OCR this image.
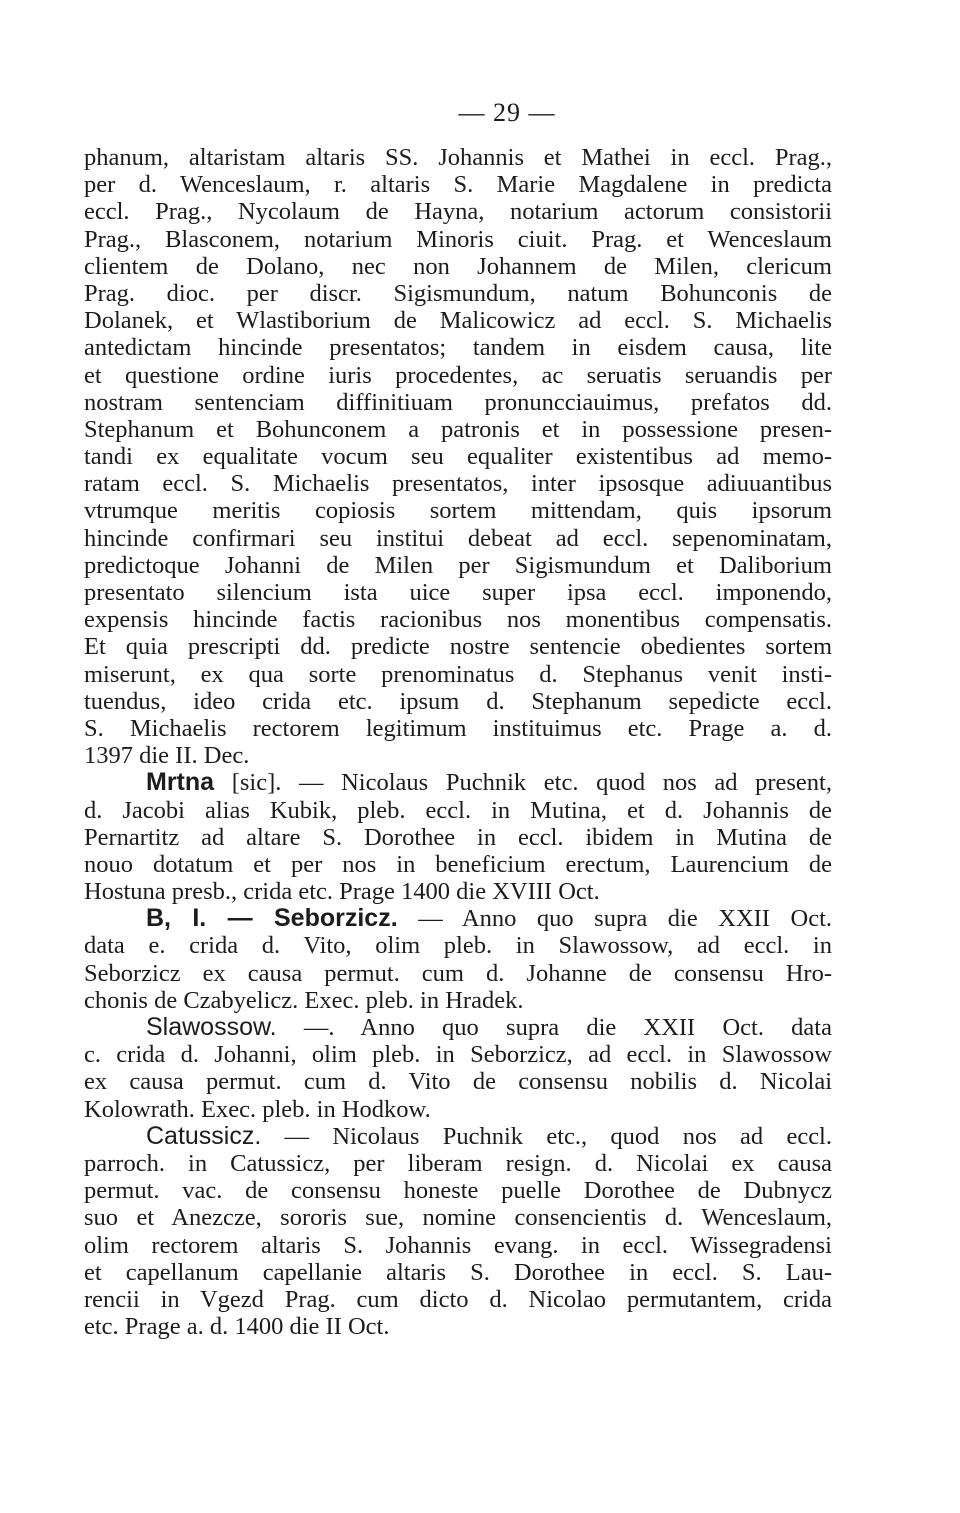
— 29 —
phanum, altaristam altaris SS. Johannis et Mathei in eccl. Prag.,
per d. Wenceslaum, r. altaris S. Marie Magdalene in predicta
eccl. Prag., Nycolaum de Hayna, notarium actorum consistorii
Prag., Blasconem, notarium Minoris ciuit. Prag. et Wenceslaum
clientem de Dolano, nec non Johannem de Milen, clericum
Prag. dioc. per discr. Sigismundum, natum Bohunconis de
Dolanek, et Wlastiborium de Malicowicz ad eccl. S. Michaelis
antedictam hincinde presentatos; tandem in eisdem causa, lite
et questione ordine iuris procedentes, ac seruatis seruandis per
nostram sentenciam diffinitiuam pronuncciauimus, prefatos dd.
Stephanum et Bohunconem a patronis et in possessione presen-
tandi ex equalitate vocum seu equaliter existentibus ad memo-
ratam eccl. S. Michaelis presentatos, inter ipsosque adiuuantibus
vtrumque meritis copiosis sortem mittendam, quis ipsorum
hincinde confirmari seu institui debeat ad eccl. sepenominatam,
predictoque Johanni de Milen per Sigismundum et Daliborium
presentato silencium ista uice super ipsa eccl. imponendo,
expensis hincinde factis racionibus nos monentibus compensatis.
Et quia prescripti dd. predicte nostre sentencie obedientes sortem
miserunt, ex qua sorte prenominatus d. Stephanus venit insti-
tuendus, ideo crida etc. ipsum d. Stephanum sepedicte eccl.
S. Michaelis rectorem legitimum instituimus etc. Prage a. d.
1397 die II. Dec.
Mrtna [sic]. — Nicolaus Puchnik etc. quod nos ad present,
d. Jacobi alias Kubik, pleb. eccl. in Mutina, et d. Johannis de
Pernartitz ad altare S. Dorothee in eccl. ibidem in Mutina de
nouo dotatum et per nos in beneficium erectum, Laurencium de
Hostuna presb., crida etc. Prage 1400 die XVIII Oct.
B, I. — Seborzicz. — Anno quo supra die XXII Oct.
data e. crida d. Vito, olim pleb. in Slawossow, ad eccl. in
Seborzicz ex causa permut. cum d. Johanne de consensu Hro-
chonis de Czabyelicz. Exec. pleb. in Hradek.
Slawossow. —. Anno quo supra die XXII Oct. data
c. crida d. Johanni, olim pleb. in Seborzicz, ad eccl. in Slawossow
ex causa permut. cum d. Vito de consensu nobilis d. Nicolai
Kolowrath. Exec. pleb. in Hodkow.
Catussicz. — Nicolaus Puchnik etc., quod nos ad eccl.
parroch. in Catussicz, per liberam resign. d. Nicolai ex causa
permut. vac. de consensu honeste puelle Dorothee de Dubnycz
suo et Anezcze, sororis sue, nomine consencientis d. Wenceslaum,
olim rectorem altaris S. Johannis evang. in eccl. Wissegradensi
et capellanum capellanie altaris S. Dorothee in eccl. S. Lau-
rencii in Vgezd Prag. cum dicto d. Nicolao permutantem, crida
etc. Prage a. d. 1400 die II Oct.
